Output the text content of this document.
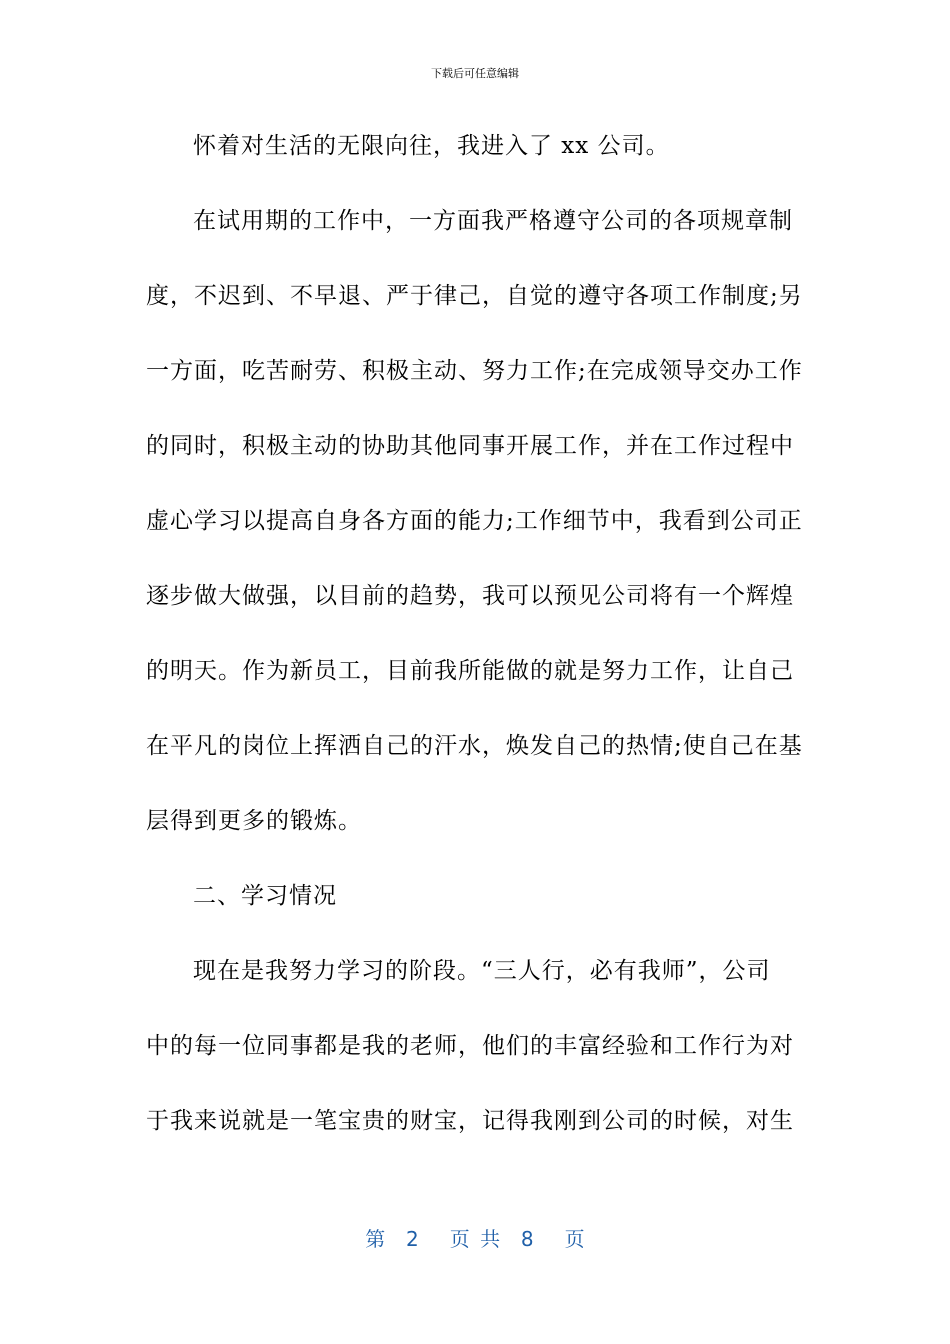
下载后可任意编辑
怀着对生活的无限向往，我进入了 xx 公司。
在试用期的工作中，一方面我严格遵守公司的各项规章制
度，不迟到、不早退、严于律己，自觉的遵守各项工作制度;另
一方面，吃苦耐劳、积极主动、努力工作;在完成领导交办工作
的同时，积极主动的协助其他同事开展工作，并在工作过程中
虚心学习以提高自身各方面的能力;工作细节中，我看到公司正
逐步做大做强，以目前的趋势，我可以预见公司将有一个辉煌
的明天。作为新员工，目前我所能做的就是努力工作，让自己
在平凡的岗位上挥洒自己的汗水，焕发自己的热情;使自己在基
层得到更多的锻炼。
二、学习情况
现在是我努力学习的阶段。“三人行，必有我师”，公司
中的每一位同事都是我的老师，他们的丰富经验和工作行为对
于我来说就是一笔宝贵的财宝，记得我刚到公司的时候，对生
第  2   页 共  8   页
